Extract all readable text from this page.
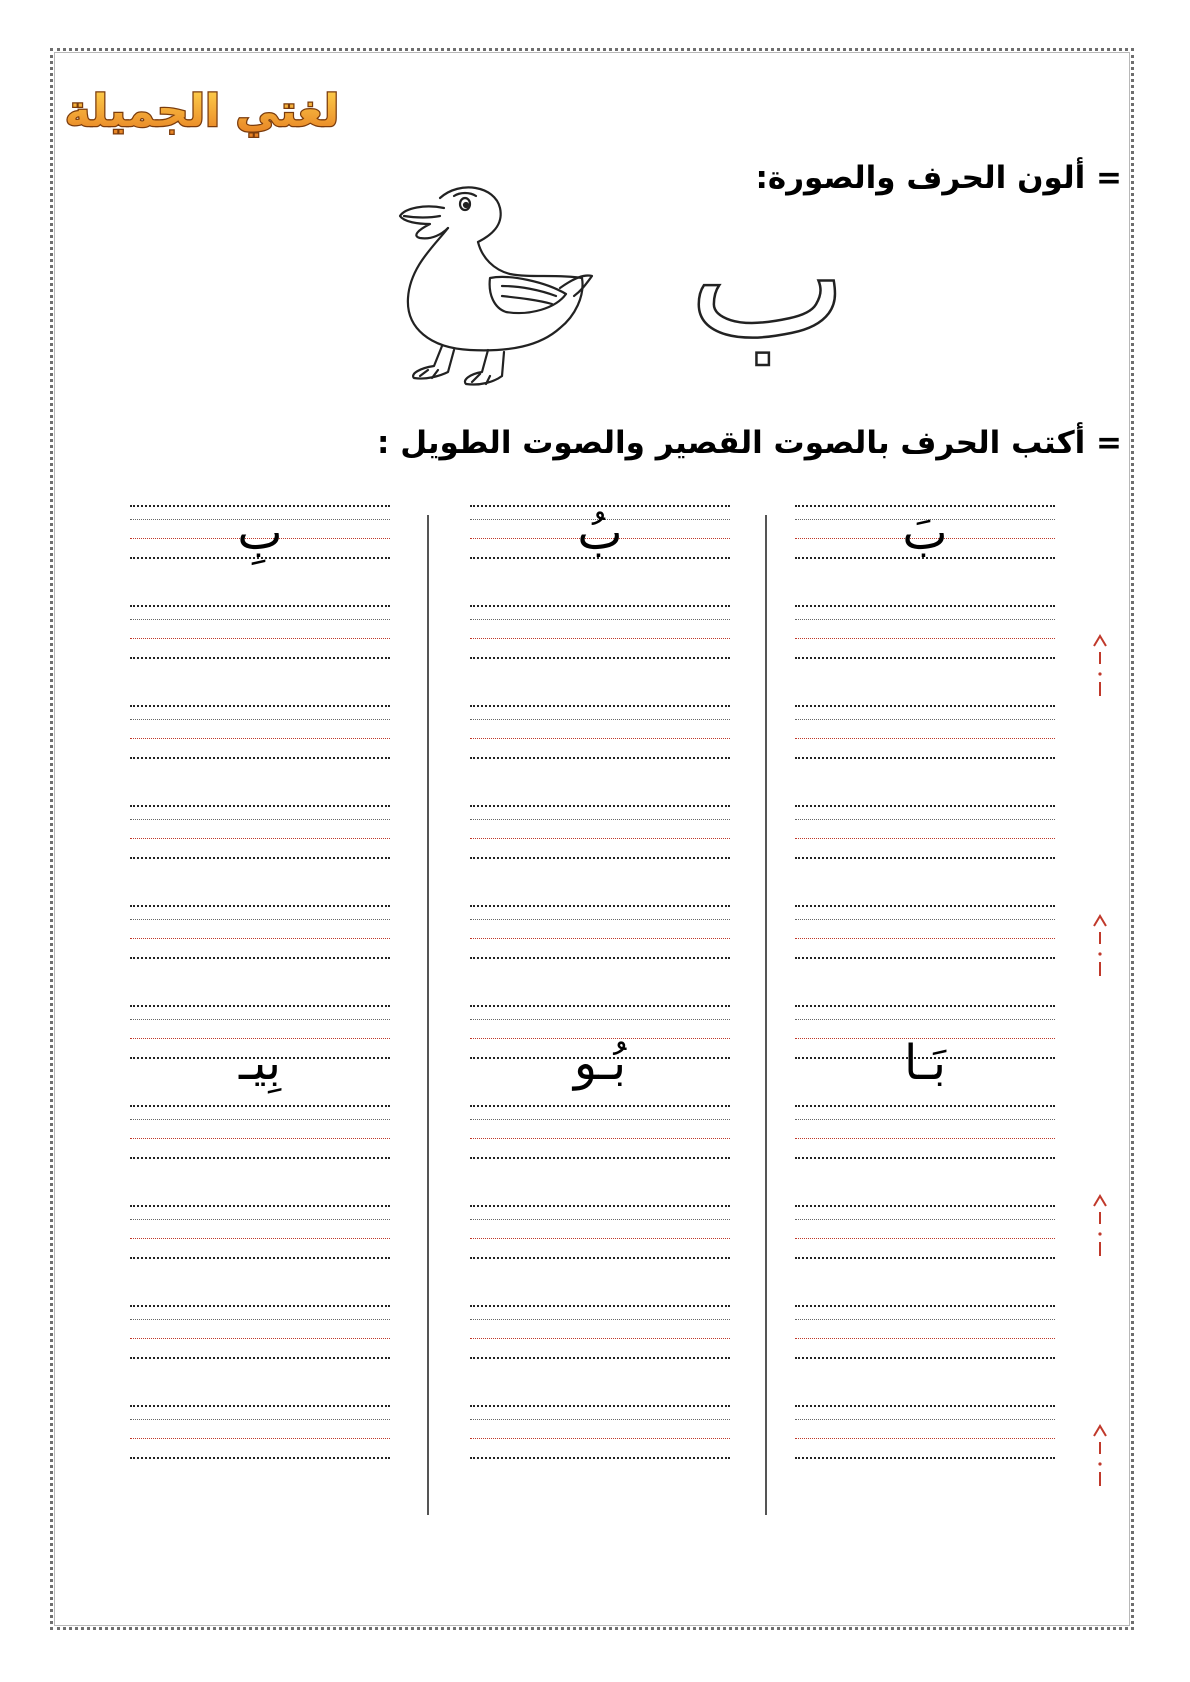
لغتي الجميلة
= ألون الحرف والصورة:
= أكتب الحرف بالصوت القصير والصوت الطويل :
ب
بَ
بَـا
بُ
بُـو
بِ
بِيـ
